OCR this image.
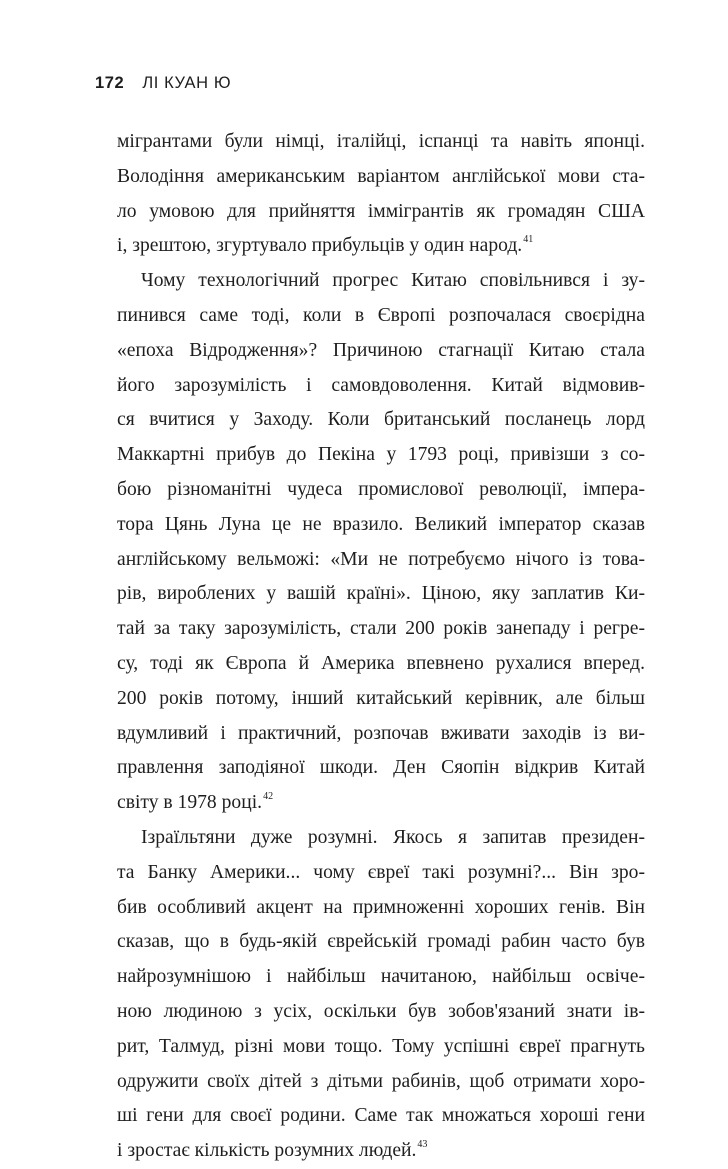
172 ЛІ КУАН Ю

мігрантами були німці, італійці, іспанці та навіть японці.
Володіння американським варіантом англійської мови ста-
ло умовою для прийняття іммігрантів як громадян США
і, зрештою, згуртувало прибульців у один народ.$^{41}$

Чому технологічний прогрес Китаю сповільнився і зу-
пинився саме тоді, коли в Європі розпочалася своєрідна
«епоха Відродження»? Причиною стагнації Китаю стала
його зарозумілість і самовдоволення. Китай відмовив-
ся вчитися у Заходу. Коли британський посланець лорд
Маккартні прибув до Пекіна у 1793 році, привізши з со-
бою різноманітні чудеса промислової революції, імпера-
тора Цянь Луна це не вразило. Великий імператор сказав
англійському вельможі: «Ми не потребуємо нічого із това-
рів, вироблених у вашій країні». Ціною, яку заплатив Ки-
тай за таку зарозумілість, стали 200 років занепаду і регре-
су, тоді як Європа й Америка впевнено рухалися вперед.
200 років потому, інший китайський керівник, але більш
вдумливий і практичний, розпочав вживати заходів із ви-
правлення заподіяної шкоди. Ден Сяопін відкрив Китай
світу в 1978 році.$^{42}$

Ізраїльтяни дуже розумні. Якось я запитав президен-
та Банку Америки... чому євреї такі розумні?... Він зро-
бив особливий акцент на примноженні хороших генів. Він
сказав, що в будь-якій єврейській громаді рабин часто був
найрозумнішою і найбільш начитаною, найбільш освіче-
ною людиною з усіх, оскільки був зобов'язаний знати ів-
рит, Талмуд, різні мови тощо. Тому успішні євреї прагнуть
одружити своїх дітей з дітьми рабинів, щоб отримати хоро-
ші гени для своєї родини. Саме так множаться хороші гени
і зростає кількість розумних людей.$^{43}$
